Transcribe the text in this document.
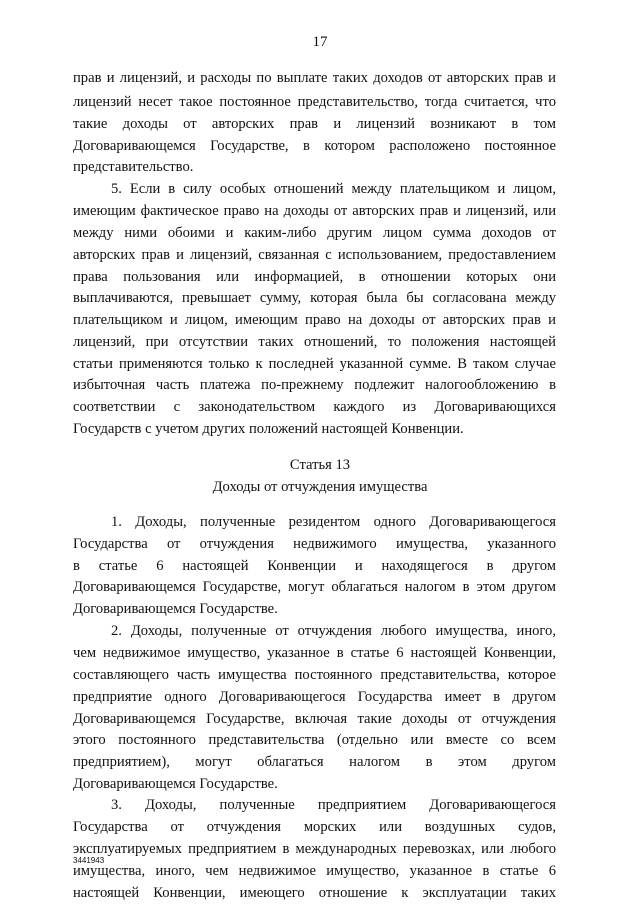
17
прав и лицензий, и расходы по выплате таких доходов от авторских прав и
лицензий несет такое постоянное представительство, тогда считается, что
такие доходы от авторских прав и лицензий возникают в том
Договаривающемся Государстве, в котором расположено постоянное
представительство.
5. Если в силу особых отношений между плательщиком и лицом,
имеющим фактическое право на доходы от авторских прав и лицензий, или
между ними обоими и каким-либо другим лицом сумма доходов от
авторских прав и лицензий, связанная с использованием, предоставлением
права пользования или информацией, в отношении которых они
выплачиваются, превышает сумму, которая была бы согласована между
плательщиком и лицом, имеющим право на доходы от авторских прав и
лицензий, при отсутствии таких отношений, то положения настоящей
статьи применяются только к последней указанной сумме. В таком случае
избыточная часть платежа по-прежнему подлежит налогообложению в
соответствии с законодательством каждого из Договаривающихся
Государств с учетом других положений настоящей Конвенции.
Статья 13
Доходы от отчуждения имущества
1. Доходы, полученные резидентом одного Договаривающегося
Государства от отчуждения недвижимого имущества, указанного
в статье 6 настоящей Конвенции и находящегося в другом
Договаривающемся Государстве, могут облагаться налогом в этом другом
Договаривающемся Государстве.
2. Доходы, полученные от отчуждения любого имущества, иного,
чем недвижимое имущество, указанное в статье 6 настоящей Конвенции,
составляющего часть имущества постоянного представительства, которое
предприятие одного Договаривающегося Государства имеет в другом
Договаривающемся Государстве, включая такие доходы от отчуждения
этого постоянного представительства (отдельно или вместе со всем
предприятием), могут облагаться налогом в этом другом
Договаривающемся Государстве.
3. Доходы, полученные предприятием Договаривающегося
Государства от отчуждения морских или воздушных судов,
эксплуатируемых предприятием в международных перевозках, или любого
имущества, иного, чем недвижимое имущество, указанное в статье 6
настоящей Конвенции, имеющего отношение к эксплуатации таких
3441943
